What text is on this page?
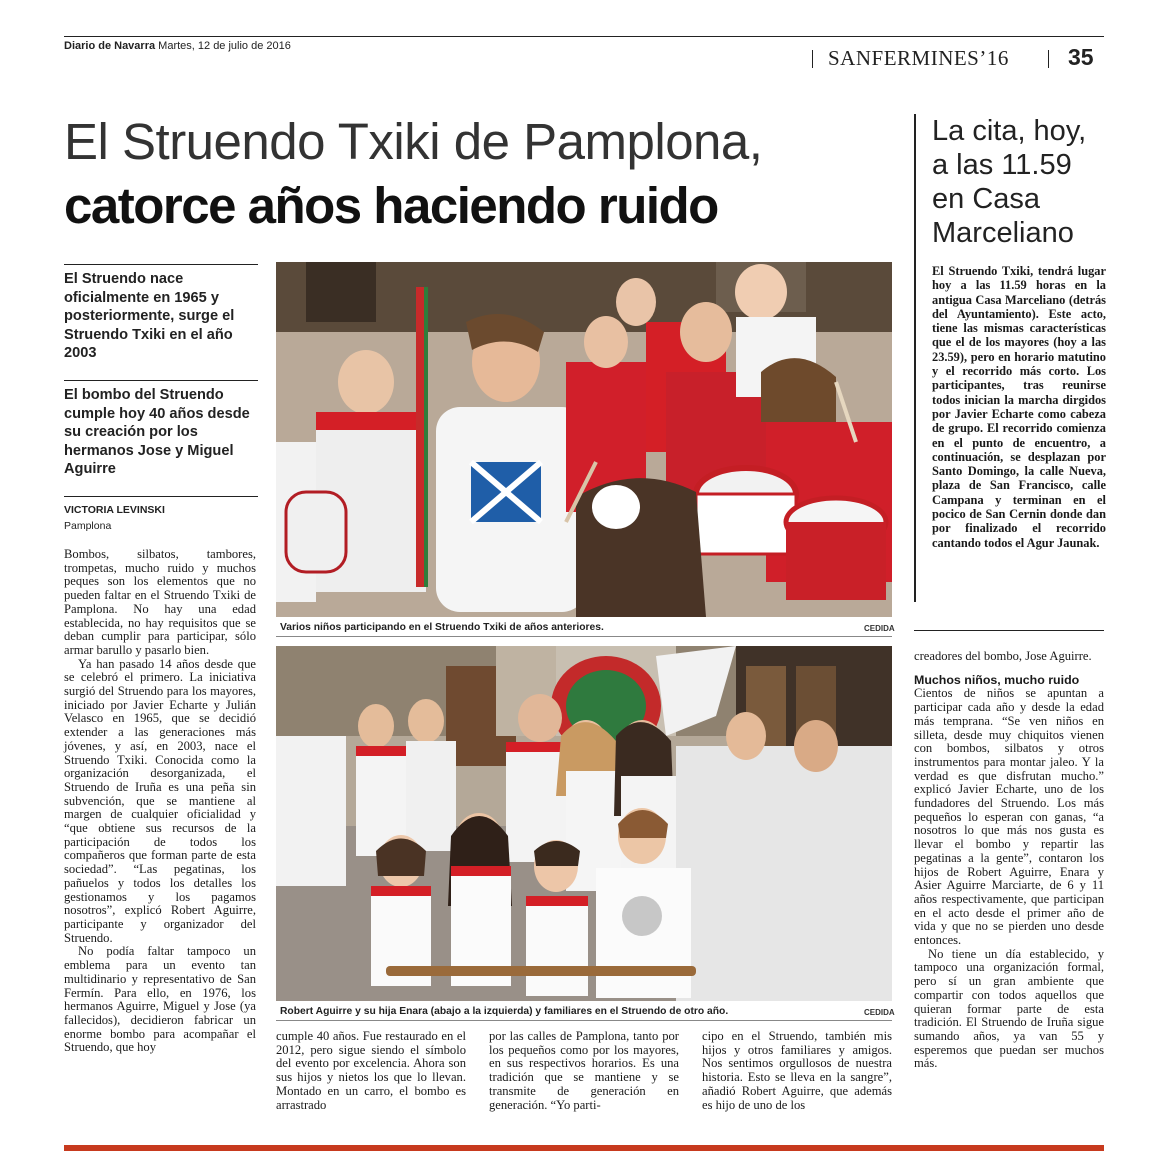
Diario de Navarra Martes, 12 de julio de 2016	SANFERMINES’16	35
El Struendo Txiki de Pamplona,
catorce años haciendo ruido
La cita, hoy, a las 11.59 en Casa Marceliano
El Struendo Txiki, tendrá lugar hoy a las 11.59 horas en la antigua Casa Marceliano (detrás del Ayuntamiento). Este acto, tiene las mismas características que el de los mayores (hoy a las 23.59), pero en horario matutino y el recorrido más corto. Los participantes, tras reunirse todos inician la marcha dirgidos por Javier Echarte como cabeza de grupo. El recorrido comienza en el punto de encuentro, a continuación, se desplazan por Santo Domingo, la calle Nueva, plaza de San Francisco, calle Campana y terminan en el pocico de San Cernin donde dan por finalizado el recorrido cantando todos el Agur Jaunak.
El Struendo nace oficialmente en 1965 y posteriormente, surge el Struendo Txiki en el año 2003
El bombo del Struendo cumple hoy 40 años desde su creación por los hermanos Jose y Miguel Aguirre
VICTORIA LEVINSKI
Pamplona
Varios niños participando en el Struendo Txiki de años anteriores.	CEDIDA
Robert Aguirre y su hija Enara (abajo a la izquierda) y familiares en el Struendo de otro año.	CEDIDA

Bombos, silbatos, tambores, trompetas, mucho ruido y muchos peques son los elementos que no pueden faltar en el Struendo Txiki de Pamplona. No hay una edad establecida, no hay requisitos que se deban cumplir para participar, sólo armar barullo y pasarlo bien.

Ya han pasado 14 años desde que se celebró el primero. La iniciativa surgió del Struendo para los mayores, iniciado por Javier Echarte y Julián Velasco en 1965, que se decidió extender a las generaciones más jóvenes, y así, en 2003, nace el Struendo Txiki. Conocida como la organización desorganizada, el Struendo de Iruña es una peña sin subvención, que se mantiene al margen de cualquier oficialidad y “que obtiene sus recursos de la participación de todos los compañeros que forman parte de esta sociedad”. “Las pegatinas, los pañuelos y todos los detalles los gestionamos y los pagamos nosotros”, explicó Robert Aguirre, participante y organizador del Struendo.

No podía faltar tampoco un emblema para un evento tan multidinario y representativo de San Fermín. Para ello, en 1976, los hermanos Aguirre, Miguel y Jose (ya fallecidos), decidieron fabricar un enorme bombo para acompañar el Struendo, que hoy

cumple 40 años. Fue restaurado en el 2012, pero sigue siendo el símbolo del evento por excelencia. Ahora son sus hijos y nietos los que lo llevan. Montado en un carro, el bombo es arrastrado
por las calles de Pamplona, tanto por los pequeños como por los mayores, en sus respectivos horarios. Es una tradición que se mantiene y se transmite de generación en generación. “Yo parti-
cipo en el Struendo, también mis hijos y otros familiares y amigos. Nos sentimos orgullosos de nuestra historia. Esto se lleva en la sangre”, añadió Robert Aguirre, que además es hijo de uno de los

creadores del bombo, Jose Aguirre.

Muchos niños, mucho ruido

Cientos de niños se apuntan a participar cada año y desde la edad más temprana. “Se ven niños en silleta, desde muy chiquitos vienen con bombos, silbatos y otros instrumentos para montar jaleo. Y la verdad es que disfrutan mucho.” explicó Javier Echarte, uno de los fundadores del Struendo. Los más pequeños lo esperan con ganas, “a nosotros lo que más nos gusta es llevar el bombo y repartir las pegatinas a la gente”, contaron los hijos de Robert Aguirre, Enara y Asier Aguirre Marciarte, de 6 y 11 años respectivamente, que participan en el acto desde el primer año de vida y que no se pierden uno desde entonces.

No tiene un día establecido, y tampoco una organización formal, pero sí un gran ambiente que compartir con todos aquellos que quieran formar parte de esta tradición. El Struendo de Iruña sigue sumando años, ya van 55 y esperemos que puedan ser muchos más.
